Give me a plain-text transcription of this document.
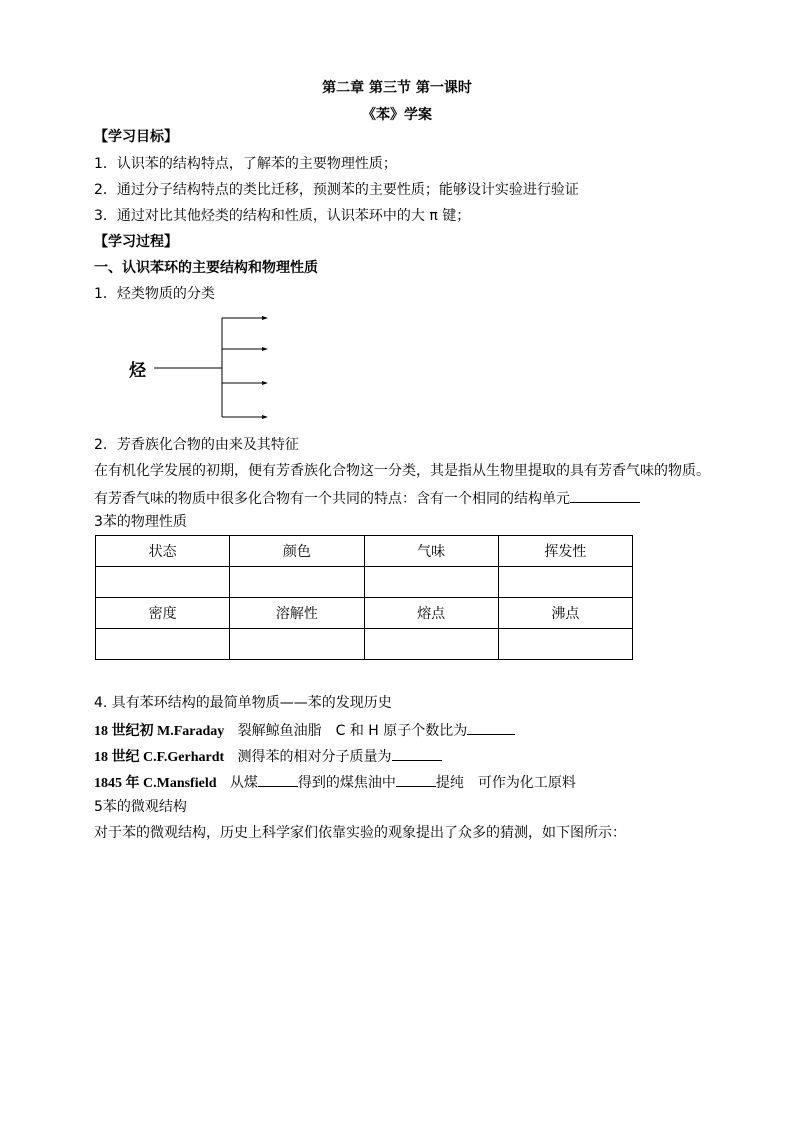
第二章 第三节 第一课时
《苯》学案
【学习目标】
1．认识苯的结构特点，了解苯的主要物理性质；
2．通过分子结构特点的类比迁移，预测苯的主要性质；能够设计实验进行验证
3．通过对比其他烃类的结构和性质，认识苯环中的大 π 键；
【学习过程】
一、认识苯环的主要结构和物理性质
1．烃类物质的分类
烃
2．芳香族化合物的由来及其特征
在有机化学发展的初期，便有芳香族化合物这一分类，其是指从生物里提取的具有芳香气味的物质。
有芳香气味的物质中很多化合物有一个共同的特点：含有一个相同的结构单元
3苯的物理性质
状态	颜色	气味	挥发性

密度	溶解性	熔点	沸点

4. 具有苯环结构的最简单物质——苯的发现历史
18 世纪初 M.Faraday 裂解鲸鱼油脂　C 和 H 原子个数比为
18 世纪 C.F.Gerhardt 测得苯的相对分子质量为
1845 年 C.Mansfield 从煤	得到的煤焦油中	提纯　可作为化工原料
5苯的微观结构
对于苯的微观结构，历史上科学家们依靠实验的观象提出了众多的猜测，如下图所示：
